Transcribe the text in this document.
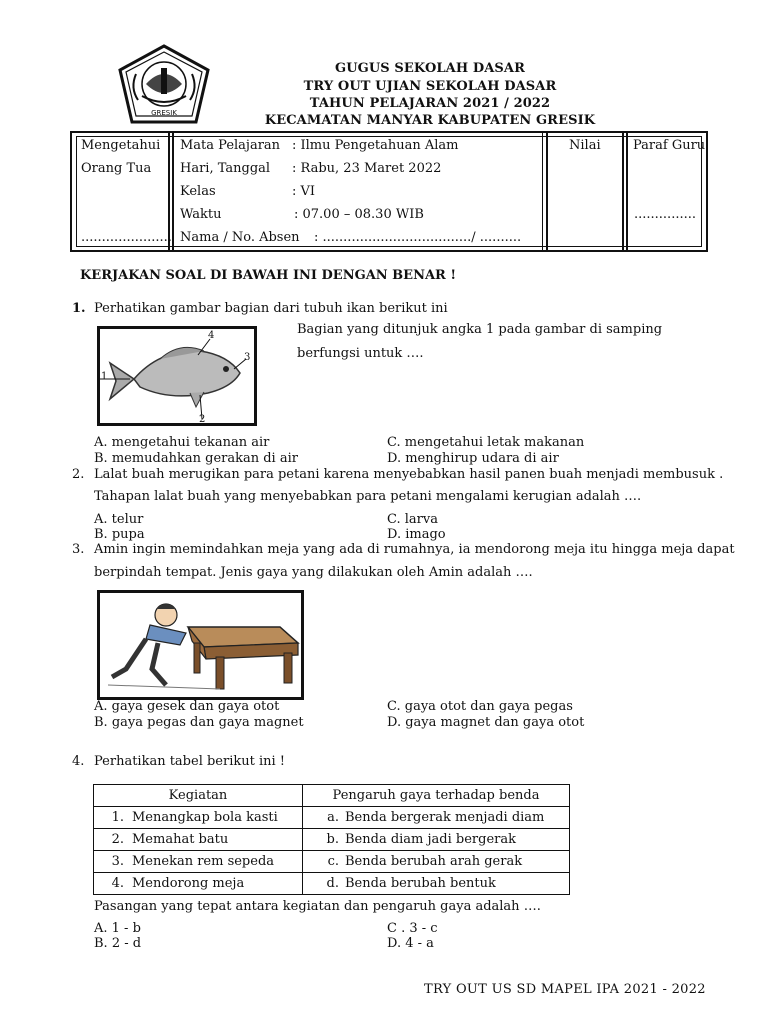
GRESIK
GUGUS SEKOLAH DASAR
TRY OUT UJIAN SEKOLAH DASAR
TAHUN PELAJARAN 2021 / 2022
KECAMATAN MANYAR KABUPATEN GRESIK
Mengetahui
Orang Tua
......................
Mata Pelajaran : Ilmu Pengetahuan Alam
Hari, Tanggal : Rabu, 23 Maret 2022
Kelas	: VI
Waktu	: 07.00 – 08.30 WIB
Nama / No. Absen : ..................................../ ..........
Nilai Paraf Guru
...............
KERJAKAN SOAL DI BAWAH INI DENGAN BENAR !
1. Perhatikan gambar bagian dari tubuh ikan berikut ini
Bagian yang ditunjuk angka 1 pada gambar di samping
berfungsi untuk ….
1
2
3
4
A. mengetahui tekanan air
B. memudahkan gerakan di air
C. mengetahui letak makanan
D. menghirup udara di air
2. Lalat buah merugikan para petani karena menyebabkan hasil panen buah menjadi membusuk .
Tahapan lalat buah yang menyebabkan para petani mengalami kerugian adalah ….
A. telur
B. pupa
C. larva
D. imago
3. Amin ingin memindahkan meja yang ada di rumahnya, ia mendorong meja itu hingga meja dapat
berpindah tempat. Jenis gaya yang dilakukan oleh Amin adalah ….
A. gaya gesek dan gaya otot
B. gaya pegas dan gaya magnet
C. gaya otot dan gaya pegas
D. gaya magnet dan gaya otot
4. Perhatikan tabel berikut ini !
Kegiatan	Pengaruh gaya terhadap benda
1. Menangkap bola kasti	a. Benda bergerak menjadi diam
2. Memahat batu	b. Benda diam jadi bergerak
3. Menekan rem sepeda	c. Benda berubah arah gerak
4. Mendorong meja	d. Benda berubah bentuk
Pasangan yang tepat antara kegiatan dan pengaruh gaya adalah ….
A. 1 - b
B. 2 - d
C . 3 - c
D. 4 - a
TRY OUT US SD MAPEL IPA 2021 - 2022
